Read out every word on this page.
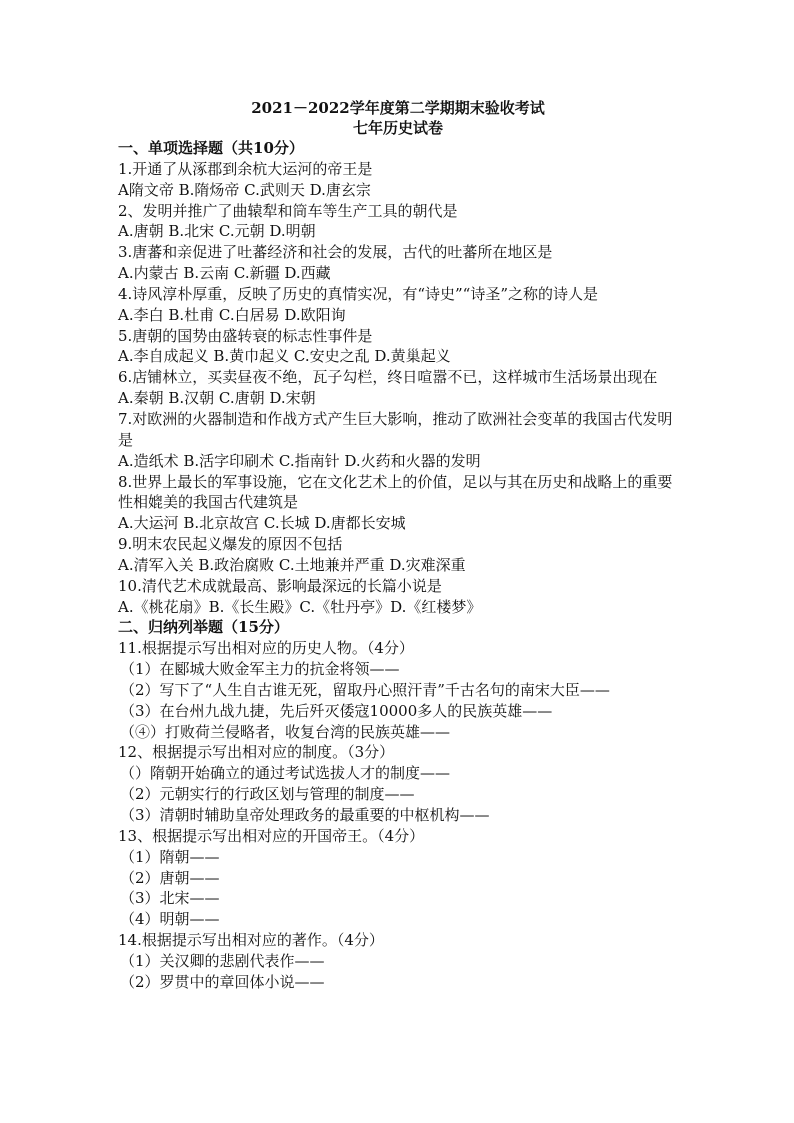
2021－2022学年度第二学期期末验收考试

七年历史试卷

一、单项选择题（共10分）

1.开通了从涿郡到余杭大运河的帝王是

A隋文帝 B.隋炀帝 C.武则天 D.唐玄宗

2、发明并推广了曲辕犁和筒车等生产工具的朝代是

A.唐朝 B.北宋 C.元朝 D.明朝

3.唐蕃和亲促进了吐蕃经济和社会的发展，古代的吐蕃所在地区是

A.内蒙古 B.云南 C.新疆 D.西藏

4.诗风淳朴厚重，反映了历史的真情实况，有“诗史”“诗圣”之称的诗人是

A.李白 B.杜甫 C.白居易 D.欧阳询

5.唐朝的国势由盛转衰的标志性事件是

A.李自成起义 B.黄巾起义 C.安史之乱 D.黄巢起义

6.店铺林立，买卖昼夜不绝，瓦子勾栏，终日喧嚣不已，这样城市生活场景出现在

A.秦朝 B.汉朝 C.唐朝 D.宋朝

7.对欧洲的火器制造和作战方式产生巨大影响，推动了欧洲社会变革的我国古代发明是

A.造纸术 B.活字印刷术 C.指南针 D.火药和火器的发明

8.世界上最长的军事设施，它在文化艺术上的价值，足以与其在历史和战略上的重要性相媲美的我国古代建筑是

A.大运河 B.北京故宫 C.长城 D.唐都长安城

9.明末农民起义爆发的原因不包括

A.清军入关 B.政治腐败 C.土地兼并严重 D.灾难深重

10.清代艺术成就最高、影响最深远的长篇小说是

A.《桃花扇》B.《长生殿》C.《牡丹亭》D.《红楼梦》

二、归纳列举题（15分）

11.根据提示写出相对应的历史人物。（4分）

（1）在郾城大败金军主力的抗金将领——

（2）写下了“人生自古谁无死，留取丹心照汗青”千古名句的南宋大臣——

（3）在台州九战九捷，先后歼灭倭寇10000多人的民族英雄——

（④）打败荷兰侵略者，收复台湾的民族英雄——

12、根据提示写出相对应的制度。（3分）

（）隋朝开始确立的通过考试选拔人才的制度——

（2）元朝实行的行政区划与管理的制度——

（3）清朝时辅助皇帝处理政务的最重要的中枢机构——

13、根据提示写出相对应的开国帝王。（4分）

（1）隋朝——

（2）唐朝——

（3）北宋——

（4）明朝——

14.根据提示写出相对应的著作。（4分）

（1）关汉卿的悲剧代表作——

（2）罗贯中的章回体小说——
